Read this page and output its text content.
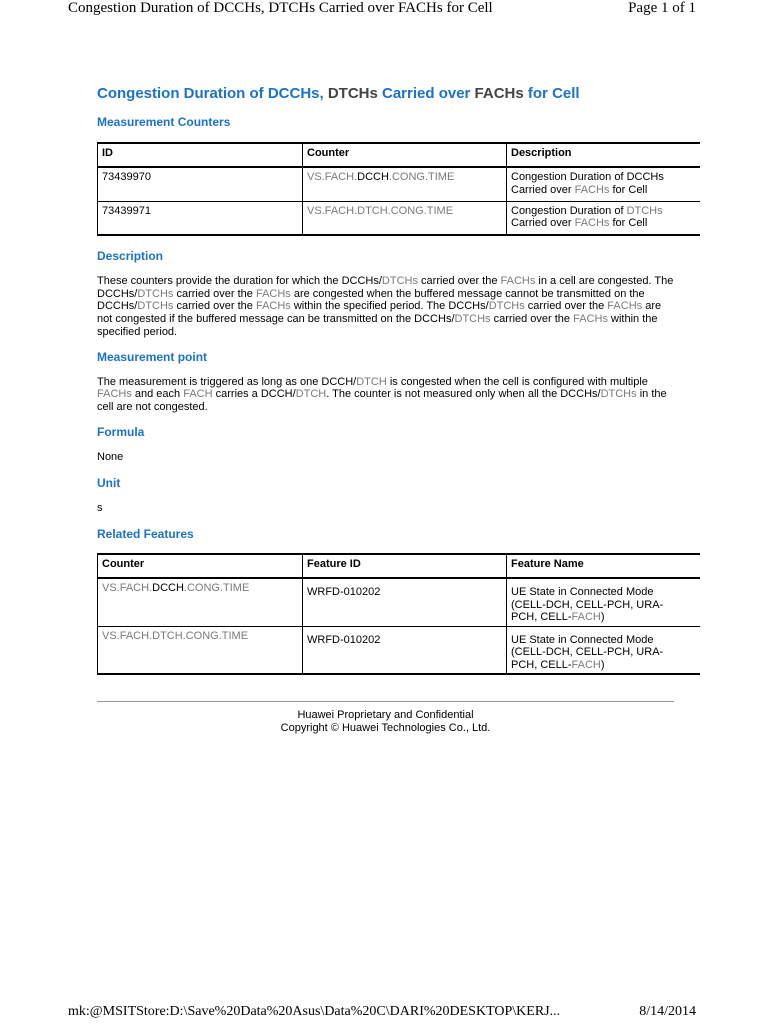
Congestion Duration of DCCHs, DTCHs Carried over FACHs for Cell	Page 1 of 1
Congestion Duration of DCCHs, DTCHs Carried over FACHs for Cell
Measurement Counters
ID	Counter	Description
73439970	VS.FACH.DCCH.CONG.TIME	Congestion Duration of DCCHs
Carried over FACHs for Cell
73439971	VS.FACH.DTCH.CONG.TIME	Congestion Duration of DTCHs
Carried over FACHs for Cell
Description

These counters provide the duration for which the DCCHs/DTCHs carried over the FACHs in a cell are congested. The DCCHs/DTCHs carried over the FACHs are congested when the buffered message cannot be transmitted on the DCCHs/DTCHs carried over the FACHs within the specified period. The DCCHs/DTCHs carried over the FACHs are not congested if the buffered message can be transmitted on the DCCHs/DTCHs carried over the FACHs within the specified period.

Measurement point

The measurement is triggered as long as one DCCH/DTCH is congested when the cell is configured with multiple FACHs and each FACH carries a DCCH/DTCH. The counter is not measured only when all the DCCHs/DTCHs in the cell are not congested.

Formula

None

Unit

s

Related Features
Counter	Feature ID	Feature Name
VS.FACH.DCCH.CONG.TIME	WRFD-010202	UE State in Connected Mode
(CELL-DCH, CELL-PCH, URA-
PCH, CELL-FACH)
VS.FACH.DTCH.CONG.TIME	WRFD-010202	UE State in Connected Mode
(CELL-DCH, CELL-PCH, URA-
PCH, CELL-FACH)
Huawei Proprietary and Confidential
Copyright © Huawei Technologies Co., Ltd.
mk:@MSITStore:D:\Save%20Data%20Asus\Data%20C\DARI%20DESKTOP\KERJ...	8/14/2014
